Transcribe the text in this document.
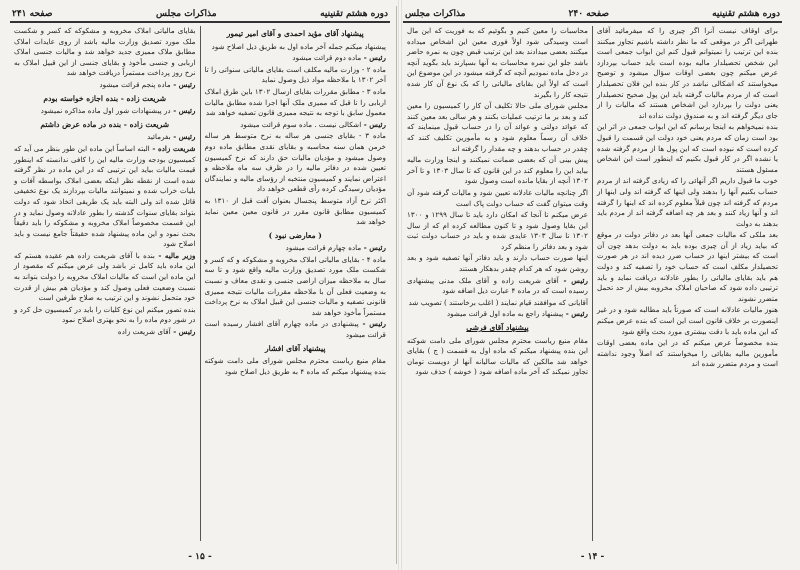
دوره هشتم تقنینیه
مذاکرات مجلس
صفحه ۲۴۱
پیشنهاد آقای مؤید احمدی و آقای امیر تیمور

پیشنهاد میکنم جمله آخر ماده اول به طریق ذیل اصلاح شود

رئیس - ماده دوم قرائت میشود

ماده ۲ - وزارت مالیه مکلف است بقایای مالیاتی سنواتی را تا آخر ۱۳۰۲ با ملاحظه مواد ذیل وصول نماید

ماده ۳ - مطابق مقررات بقایای ازسال ۱۳۰۲ باین طرق املاک اربابی را تا قبل که ممیزی ملک آنها اجرا شده مطابق مالیات معمول سابق با توجه به نتیجه ممیزی قانون تصفیه خواهد شد

رئیس - اشکالی نیست . ماده سوم قرائت میشود

ماده ۳ - بقایای جنسی هر ساله به نرخ متوسط هر ساله خرمن همان سنه محاسبه و بقایای نقدی مطابق ماده دوم وصول میشود و مؤدیان مالیات حق دارند که نرخ کمیسیون تعیین شده در دفاتر مالیه را در ظرف سه ماه ملاحظه و اعتراض نمایند و کمیسیون منتخبه از رؤسای مالیه و نمایندگان مؤدیان رسیدگی کرده رأی قطعی خواهد داد

اکثر نرخ آزاد متوسط پنجسال بعنوان آفت قبل از ۱۳۱۰ به کمیسیون مطابق قانون مقرر در قانون معین معین نماید خواهد شد

( معارضی نبود )

رئیس - ماده چهارم قرائت میشود

ماده ۴ - بقایای مالیاتی املاک مخروبه و مشکوکه و که کسر و شکست ملک مورد تصدیق وزارت مالیه واقع شود و تا سه سال به ملاحظه میزان اراضی جنسی و نقدی معاف و نسبت به وضعیت فعلی آن با ملاحظه مقررات مالیات نتیجه ممیزی قانونی تصفیه و مالیات جنسی این قبیل املاک به نرخ پرداخت مستمراً مأخوذ خواهد شد

رئیس - پیشنهادی در ماده چهارم آقای افشار رسیده است قرائت میشود

پیشنهاد آقای افشار

مقام منیع ریاست محترم مجلس شورای ملی دامت شوکته بنده پیشنهاد میکنم که ماده ۴ به طریق ذیل اصلاح شود

بقایای مالیاتی املاک مخروبه و مشکوکه که کسر و شکست ملک مورد تصدیق وزارت مالیه باشد از روی عایدات املاک مطابق ملاک ممیزی جدید خواهد شد و مالیات جنسی املاک اربابی و جنسی مأخوذ و بقایای جنسی از این قبیل املاک به نرخ روز پرداخت مستمراً دریافت خواهد شد

رئیس - ماده پنجم قرائت میشود

شریعت زاده - بنده اجازه خواسته بودم

رئیس - در پیشنهادات شور اول ماده مذاکره نمیشود

شریعت زاده - بنده در ماده عرض داشتم

رئیس - بفرمائید

شریعت زاده - البته اساساً این ماده این طور بنظر می آید که کمیسیون بودجه وزارت مالیه این را کافی ندانسته که اینطور قیمت مالیات بیاید این ترتیبی که در این ماده در نظر گرفته شده است از نقطه نظر اینکه بعضی املاک بواسطه آفات و بلیات خراب شده و نمیتوانند مالیات بپردازند یک نوع تخفیفی قائل شده اند ولی البته باید یک طریقی اتخاذ شود که دولت بتواند بقایای سنوات گذشته را بطور عادلانه وصول نماید و در این قسمت مخصوصاً املاک مخروبه و مشکوکه را باید دقیقاً بحث نمود و این ماده پیشنهاد شده حقیقتاً جامع نیست و باید اصلاح شود

وزیر مالیه - بنده با آقای شریعت زاده هم عقیده هستم که این ماده باید کامل تر باشد ولی عرض میکنم که مقصود از این ماده این است که مالیات املاک مخروبه را دولت بتواند به نسبت وضعیت فعلی وصول کند و مؤدیان هم بیش از قدرت خود متحمل نشوند و این ترتیب به صلاح طرفین است

بنده تصور میکنم این نوع کلیات را باید در کمیسیون حل کرد و در شور دوم ماده را به نحو بهتری اصلاح نمود

رئیس - آقای شریعت زاده

- ۱۵ -
دوره هشتم تقنینیه
صفحه ۲۴۰
مذاکرات مجلس

برای اوقاف نیست آنرا اگر چیزی را که میفرمائید آقای طهرانی اگر در موقعی که ما نظر داشته باشیم تجاوز میکنند بنده این ترتیب را نمیتوانم قبول کنم این ابواب جمعی است این شخص تحصیلدار مالیه بوده است باید حساب بپردازد عرض میکنم چون بعضی اوقات سؤال میشود و توضیح میخواستند که اشکالی نباشد در کار بنده این فلان تحصیلدار است که از مردم مالیات گرفته باید این پول صحیح تحصیلدار یعنی دولت را بپردازد این اشخاص هستند که مالیات را از جای دیگر گرفته اند و به صندوق دولت نداده اند

بنده نمیخواهم به اینجا برسانم که این ابواب جمعی در اثر این بود است زمان که مردم یعنی خود دولت این قسمت را قبول کرده است که نبوده است که این پول ها از مردم گرفته شده یا نشده اگر در کار قبول بکنیم که اینطور است این اشخاص مسئول هستند

خوب ما قبول داریم اگر آنهائی را که زیادی گرفته اند از مردم حساب بکنیم آنها را بدهند ولی اینها که گرفته اند ولی اینها از مردم که گرفته اند چون قبلاً معلوم کرده اند که اینها را گرفته اند و آنها زیاد کنند و بعد هر چه اضافه گرفته اند از مردم باید بدهند به دولت

بعد ملکی که مالیات جمعی آنها بعد در دفاتر دولت در موقع که بیاید زیاد از آن چیزی بوده باید به دولت بدهد چون آن است که بیشتر اینها در حساب ضرر دیده اند در هر صورت تحصیلدار مکلف است که حساب خود را تصفیه کند و دولت هم باید بقایای مالیاتی را بطور عادلانه دریافت نماید و باید ترتیبی داده شود که صاحبان املاک مخروبه بیش از حد تحمل متضرر نشوند

هنوز مالیات عادلانه است که صورتاً باید مطالبه شود و در غیر اینصورت بر خلاف قانون است این است که بنده عرض میکنم که این ماده باید با دقت بیشتری مورد بحث واقع شود

بنده مخصوصاً عرض میکنم که در این ماده بعضی اوقات مأمورین مالیه بقایائی را میخواستند که اصلاً وجود نداشته است و مردم متضرر شده اند

محاسبات را معین کنیم و بگوئیم که به فوریت که این مال است وسیدگی شود اولاً فوری معین این اشخاص میداده میکنند بعضی میدادند بعد این ترتیب قبض چون یه نمره حاضر باشد جلو این نمره محاسبات به آنها بسپارند باید بگوید آنچه در دخل ماده نمودیم آنچه که گرفته میشود در این موضوع این است که اولاً این بقایای مالیاتی را که بک نوع آن کار شده نتیجه کار را بگیرند

مجلس شورای ملی حالا تکلیف آن کار را کمیسیون را معین کند و بعد بر ما ترتیب عملیات بکنند و هر سالی بعد معین کنند که عوائد دولتی و عوائد آن را در حساب قبول مینمایند که خلاف آن رسماً معلوم شود و به مأمورین تکلیف کنند که چقدر در حساب بدهند و چه مقدار را گرفته اند

پیش بینی آن که بعضی ضمانت نمیکنند و اینجا وزارت مالیه بیاید این را معلوم کند در این قانون که تا سال ۱۳۰۳ و تا آخر ۱۳۰۲ آنچه از بقایا مانده است وصول شود

اگر چنانچه مالیات عادلانه تعیین شود و مالیات گرفته شود آن وقت میتوان گفت که حساب دولت پاک است

عرض میکنم تا آنجا که امکان دارد باید تا سال ۱۲۹۹ و ۱۳۰۰ این بقایا وصول شود و تا کنون مطالعه کرده ام که از سال ۱۳۰۲ تا سال ۱۳۰۳ عایدی شده و باید در حساب دولت ثبت شود و بعد دفاتر را منظم کرد

اینها صورت حساب دارند و باید دفاتر آنها تصفیه شود و بعد روشن شود که هر کدام چقدر بدهکار هستند

رئیس - آقای شریعت زاده و آقای ملک مدنی پیشنهادی رسیده است که در ماده ۴ عبارت ذیل اضافه شود

آقایانی که موافقند قیام نمایند ( اغلب برخاستند ) تصویب شد

رئیس - پیشنهاد راجع به ماده اول قرائت میشود

پیشنهاد آقای فرشی

مقام منیع ریاست محترم مجلس شورای ملی دامت شوکته این بنده پیشنهاد میکنم که ماده اول به قسمت ( ج ) بقایای خواهد شد مالکین که مالیات سالیانه آنها از دویست تومان تجاوز نمیکند که آخر ماده اضافه شود ( خوشه ) حذف شود

- ۱۴ -
